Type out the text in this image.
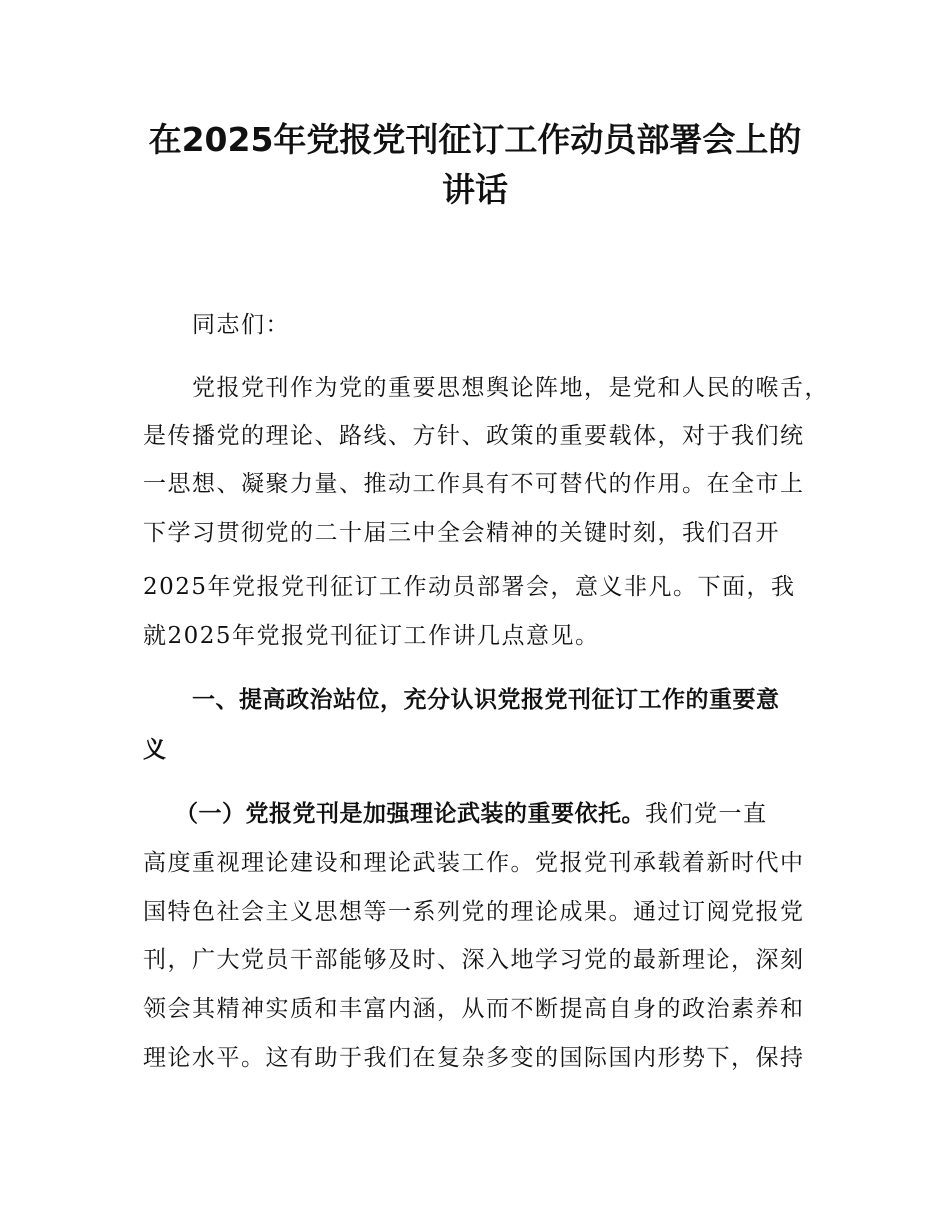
在2025年党报党刊征订工作动员部署会上的
讲话
同志们：
党报党刊作为党的重要思想舆论阵地，是党和人民的喉舌，
是传播党的理论、路线、方针、政策的重要载体，对于我们统
一思想、凝聚力量、推动工作具有不可替代的作用。在全市上
下学习贯彻党的二十届三中全会精神的关键时刻，我们召开
2025年党报党刊征订工作动员部署会，意义非凡。下面，我
就2025年党报党刊征订工作讲几点意见。
一、提高政治站位，充分认识党报党刊征订工作的重要意
义
（一）党报党刊是加强理论武装的重要依托。我们党一直
高度重视理论建设和理论武装工作。党报党刊承载着新时代中
国特色社会主义思想等一系列党的理论成果。通过订阅党报党
刊，广大党员干部能够及时、深入地学习党的最新理论，深刻
领会其精神实质和丰富内涵，从而不断提高自身的政治素养和
理论水平。这有助于我们在复杂多变的国际国内形势下，保持
